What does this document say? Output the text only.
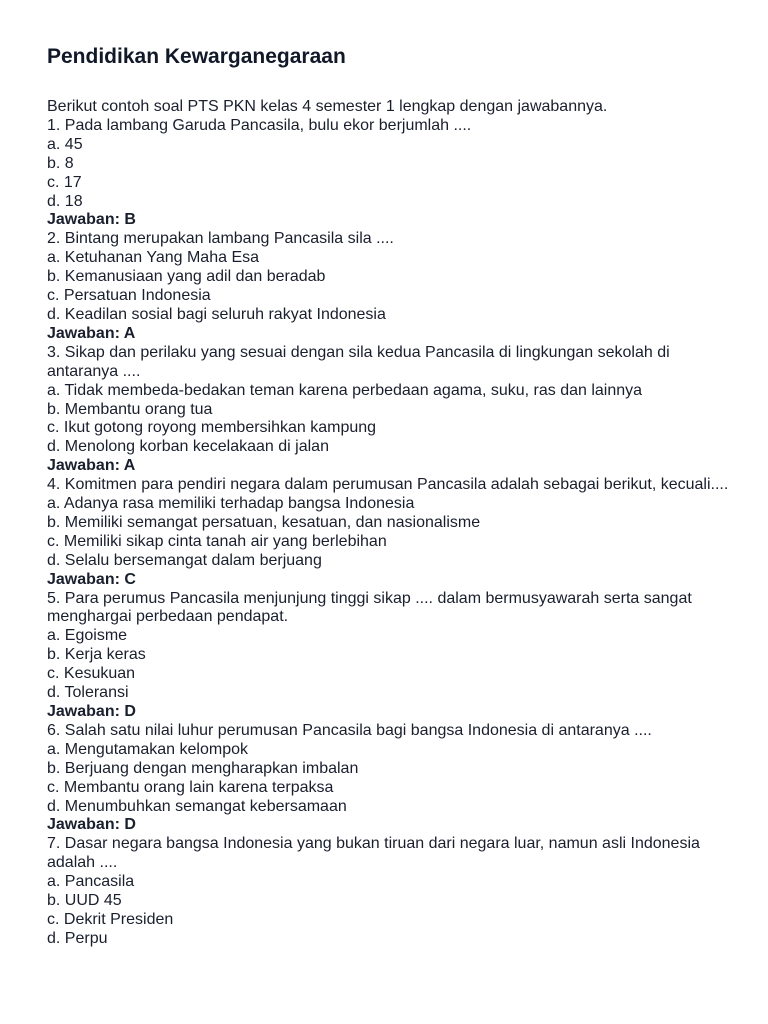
Pendidikan Kewarganegaraan

Berikut contoh soal PTS PKN kelas 4 semester 1 lengkap dengan jawabannya.

1. Pada lambang Garuda Pancasila, bulu ekor berjumlah ....

a. 45

b. 8

c. 17

d. 18

Jawaban: B

2. Bintang merupakan lambang Pancasila sila ....

a. Ketuhanan Yang Maha Esa

b. Kemanusiaan yang adil dan beradab

c. Persatuan Indonesia

d. Keadilan sosial bagi seluruh rakyat Indonesia

Jawaban: A

3. Sikap dan perilaku yang sesuai dengan sila kedua Pancasila di lingkungan sekolah di antaranya ....

a. Tidak membeda-bedakan teman karena perbedaan agama, suku, ras dan lainnya

b. Membantu orang tua

c. Ikut gotong royong membersihkan kampung

d. Menolong korban kecelakaan di jalan

Jawaban: A

4. Komitmen para pendiri negara dalam perumusan Pancasila adalah sebagai berikut, kecuali....

a. Adanya rasa memiliki terhadap bangsa Indonesia

b. Memiliki semangat persatuan, kesatuan, dan nasionalisme

c. Memiliki sikap cinta tanah air yang berlebihan

d. Selalu bersemangat dalam berjuang

Jawaban: C

5. Para perumus Pancasila menjunjung tinggi sikap .... dalam bermusyawarah serta sangat menghargai perbedaan pendapat.

a. Egoisme

b. Kerja keras

c. Kesukuan

d. Toleransi

Jawaban: D

6. Salah satu nilai luhur perumusan Pancasila bagi bangsa Indonesia di antaranya ....

a. Mengutamakan kelompok

b. Berjuang dengan mengharapkan imbalan

c. Membantu orang lain karena terpaksa

d. Menumbuhkan semangat kebersamaan

Jawaban: D

7. Dasar negara bangsa Indonesia yang bukan tiruan dari negara luar, namun asli Indonesia adalah ....

a. Pancasila

b. UUD 45

c. Dekrit Presiden

d. Perpu
